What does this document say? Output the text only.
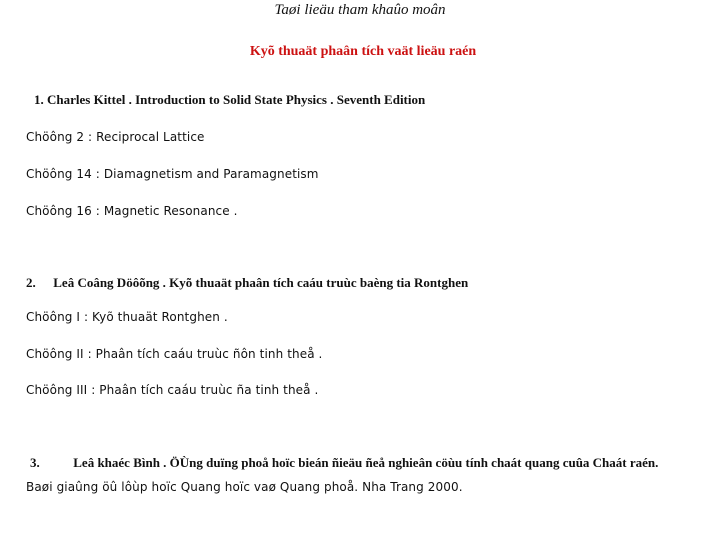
Taøi lieäu tham khaûo moân
Kyõ thuaät phaân tích vaät lieäu raén
1. Charles Kittel . Introduction to Solid State Physics . Seventh Edition
Chöông 2 : Reciprocal Lattice
Chöông 14 : Diamagnetism and Paramagnetism
Chöông 16 : Magnetic Resonance .
2. Leâ Coâng Döôõng . Kyõ thuaät phaân tích caáu truùc baèng tia Rontghen
Chöông I : Kyõ thuaät Rontghen .
Chöông II : Phaân tích caáu truùc ñôn tinh theå .
Chöông III : Phaân tích caáu truùc ña tinh theå .
3.	Leâ khaéc Bình . ÖÙng duïng phoå hoïc bieán ñieäu ñeå nghieân cöùu tính chaát quang cuûa Chaát raén.
Baøi giaûng öû lôùp hoïc Quang hoïc vaø Quang phoå. Nha Trang 2000.
